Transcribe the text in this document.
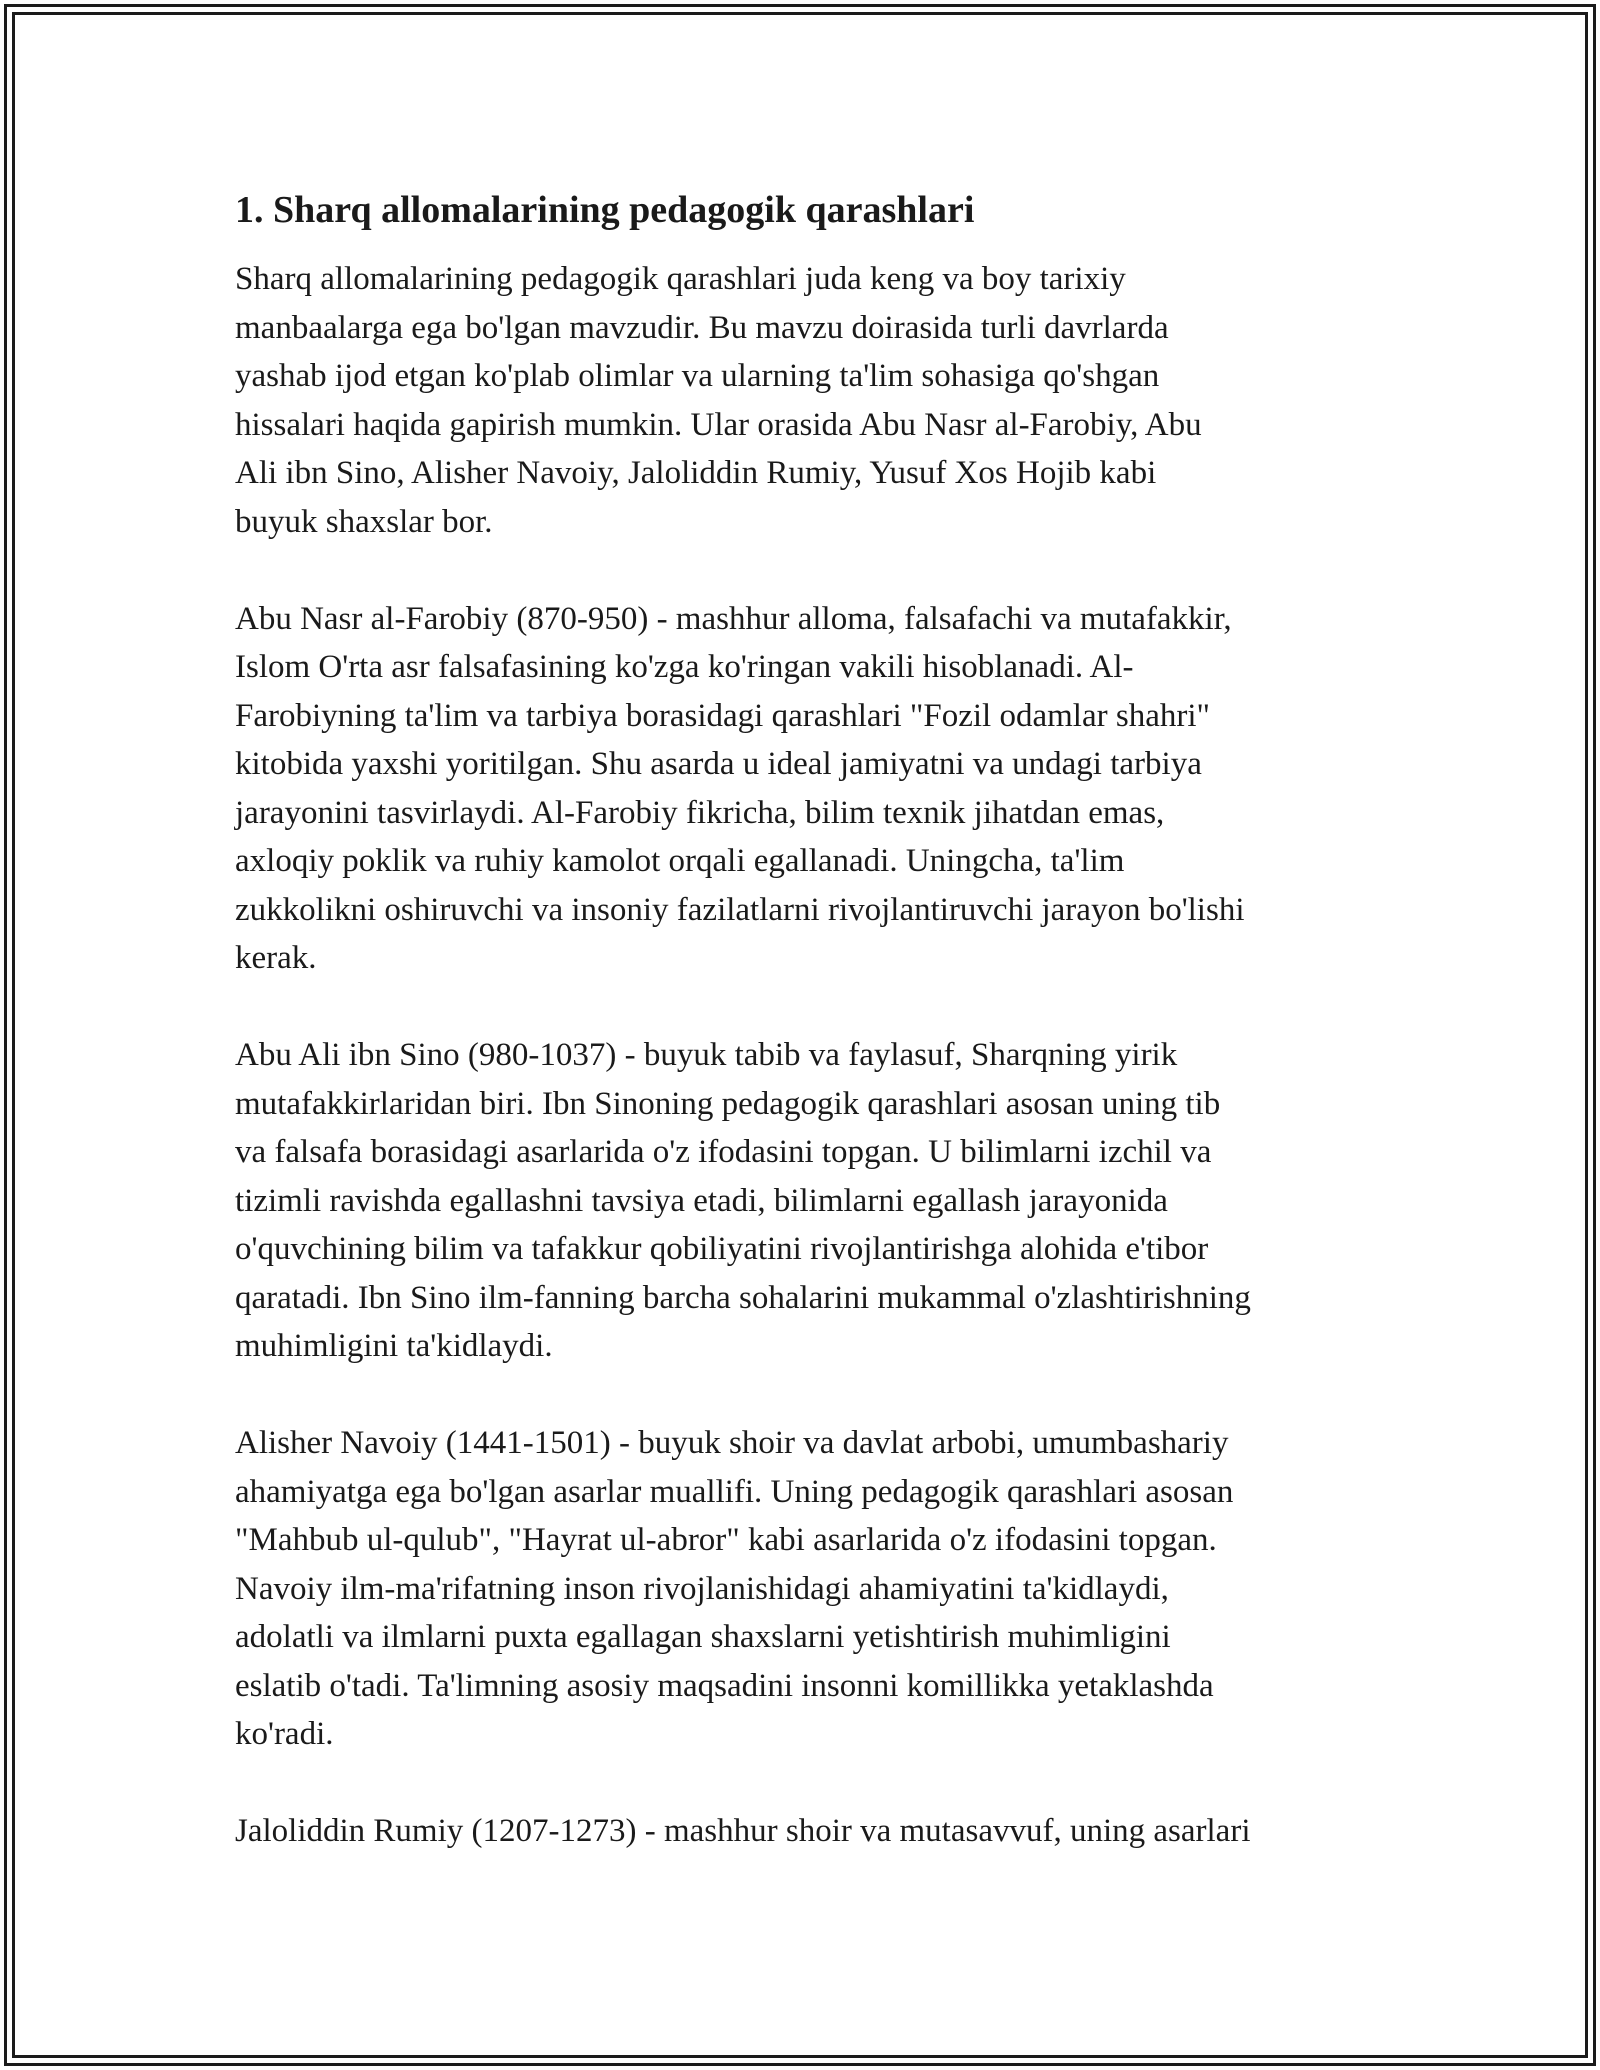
1. Sharq allomalarining pedagogik qarashlari
Sharq allomalarining pedagogik qarashlari juda keng va boy tarixiy
manbaalarga ega bo'lgan mavzudir. Bu mavzu doirasida turli davrlarda
yashab ijod etgan ko'plab olimlar va ularning ta'lim sohasiga qo'shgan
hissalari haqida gapirish mumkin. Ular orasida Abu Nasr al-Farobiy, Abu
Ali ibn Sino, Alisher Navoiy, Jaloliddin Rumiy, Yusuf Xos Hojib kabi
buyuk shaxslar bor.
Abu Nasr al-Farobiy (870-950) - mashhur alloma, falsafachi va mutafakkir,
Islom O'rta asr falsafasining ko'zga ko'ringan vakili hisoblanadi. Al-
Farobiyning ta'lim va tarbiya borasidagi qarashlari "Fozil odamlar shahri"
kitobida yaxshi yoritilgan. Shu asarda u ideal jamiyatni va undagi tarbiya
jarayonini tasvirlaydi. Al-Farobiy fikricha, bilim texnik jihatdan emas,
axloqiy poklik va ruhiy kamolot orqali egallanadi. Uningcha, ta'lim
zukkolikni oshiruvchi va insoniy fazilatlarni rivojlantiruvchi jarayon bo'lishi
kerak.
Abu Ali ibn Sino (980-1037) - buyuk tabib va faylasuf, Sharqning yirik
mutafakkirlaridan biri. Ibn Sinoning pedagogik qarashlari asosan uning tib
va falsafa borasidagi asarlarida o'z ifodasini topgan. U bilimlarni izchil va
tizimli ravishda egallashni tavsiya etadi, bilimlarni egallash jarayonida
o'quvchining bilim va tafakkur qobiliyatini rivojlantirishga alohida e'tibor
qaratadi. Ibn Sino ilm-fanning barcha sohalarini mukammal o'zlashtirishning
muhimligini ta'kidlaydi.
Alisher Navoiy (1441-1501) - buyuk shoir va davlat arbobi, umumbashariy
ahamiyatga ega bo'lgan asarlar muallifi. Uning pedagogik qarashlari asosan
"Mahbub ul-qulub", "Hayrat ul-abror" kabi asarlarida o'z ifodasini topgan.
Navoiy ilm-ma'rifatning inson rivojlanishidagi ahamiyatini ta'kidlaydi,
adolatli va ilmlarni puxta egallagan shaxslarni yetishtirish muhimligini
eslatib o'tadi. Ta'limning asosiy maqsadini insonni komillikka yetaklashda
ko'radi.
Jaloliddin Rumiy (1207-1273) - mashhur shoir va mutasavvuf, uning asarlari
